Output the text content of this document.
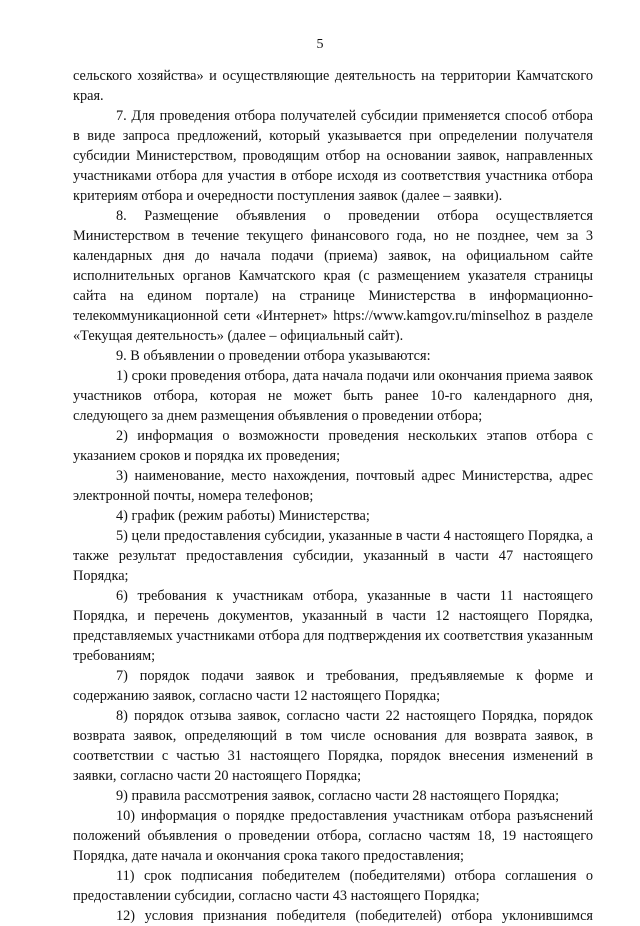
5

сельского хозяйства» и осуществляющие деятельность на территории Камчатского края.

7. Для проведения отбора получателей субсидии применяется способ отбора в виде запроса предложений, который указывается при определении получателя субсидии Министерством, проводящим отбор на основании заявок, направленных участниками отбора для участия в отборе исходя из соответствия участника отбора критериям отбора и очередности поступления заявок (далее – заявки).

8. Размещение объявления о проведении отбора осуществляется Министерством в течение текущего финансового года, но не позднее, чем за 3 календарных дня до начала подачи (приема) заявок, на официальном сайте исполнительных органов Камчатского края (с размещением указателя страницы сайта на едином портале) на странице Министерства в информационно-телекоммуникационной сети «Интернет» https://www.kamgov.ru/minselhoz в разделе «Текущая деятельность» (далее – официальный сайт).

9. В объявлении о проведении отбора указываются:

1) сроки проведения отбора, дата начала подачи или окончания приема заявок участников отбора, которая не может быть ранее 10-го календарного дня, следующего за днем размещения объявления о проведении отбора;

2) информация о возможности проведения нескольких этапов отбора с указанием сроков и порядка их проведения;

3) наименование, место нахождения, почтовый адрес Министерства, адрес электронной почты, номера телефонов;

4) график (режим работы) Министерства;

5) цели предоставления субсидии, указанные в части 4 настоящего Порядка, а также результат предоставления субсидии, указанный в части 47 настоящего Порядка;

6) требования к участникам отбора, указанные в части 11 настоящего Порядка, и перечень документов, указанный в части 12 настоящего Порядка, представляемых участниками отбора для подтверждения их соответствия указанным требованиям;

7) порядок подачи заявок и требования, предъявляемые к форме и содержанию заявок, согласно части 12 настоящего Порядка;

8) порядок отзыва заявок, согласно части 22 настоящего Порядка, порядок возврата заявок, определяющий в том числе основания для возврата заявок, в соответствии с частью 31 настоящего Порядка, порядок внесения изменений в заявки, согласно части 20 настоящего Порядка;

9) правила рассмотрения заявок, согласно части 28 настоящего Порядка;

10) информация о порядке предоставления участникам отбора разъяснений положений объявления о проведении отбора, согласно частям 18, 19 настоящего Порядка, дате начала и окончания срока такого предоставления;

11) срок подписания победителем (победителями) отбора соглашения о предоставлении субсидии, согласно части 43 настоящего Порядка;

12) условия признания победителя (победителей) отбора уклонившимся
